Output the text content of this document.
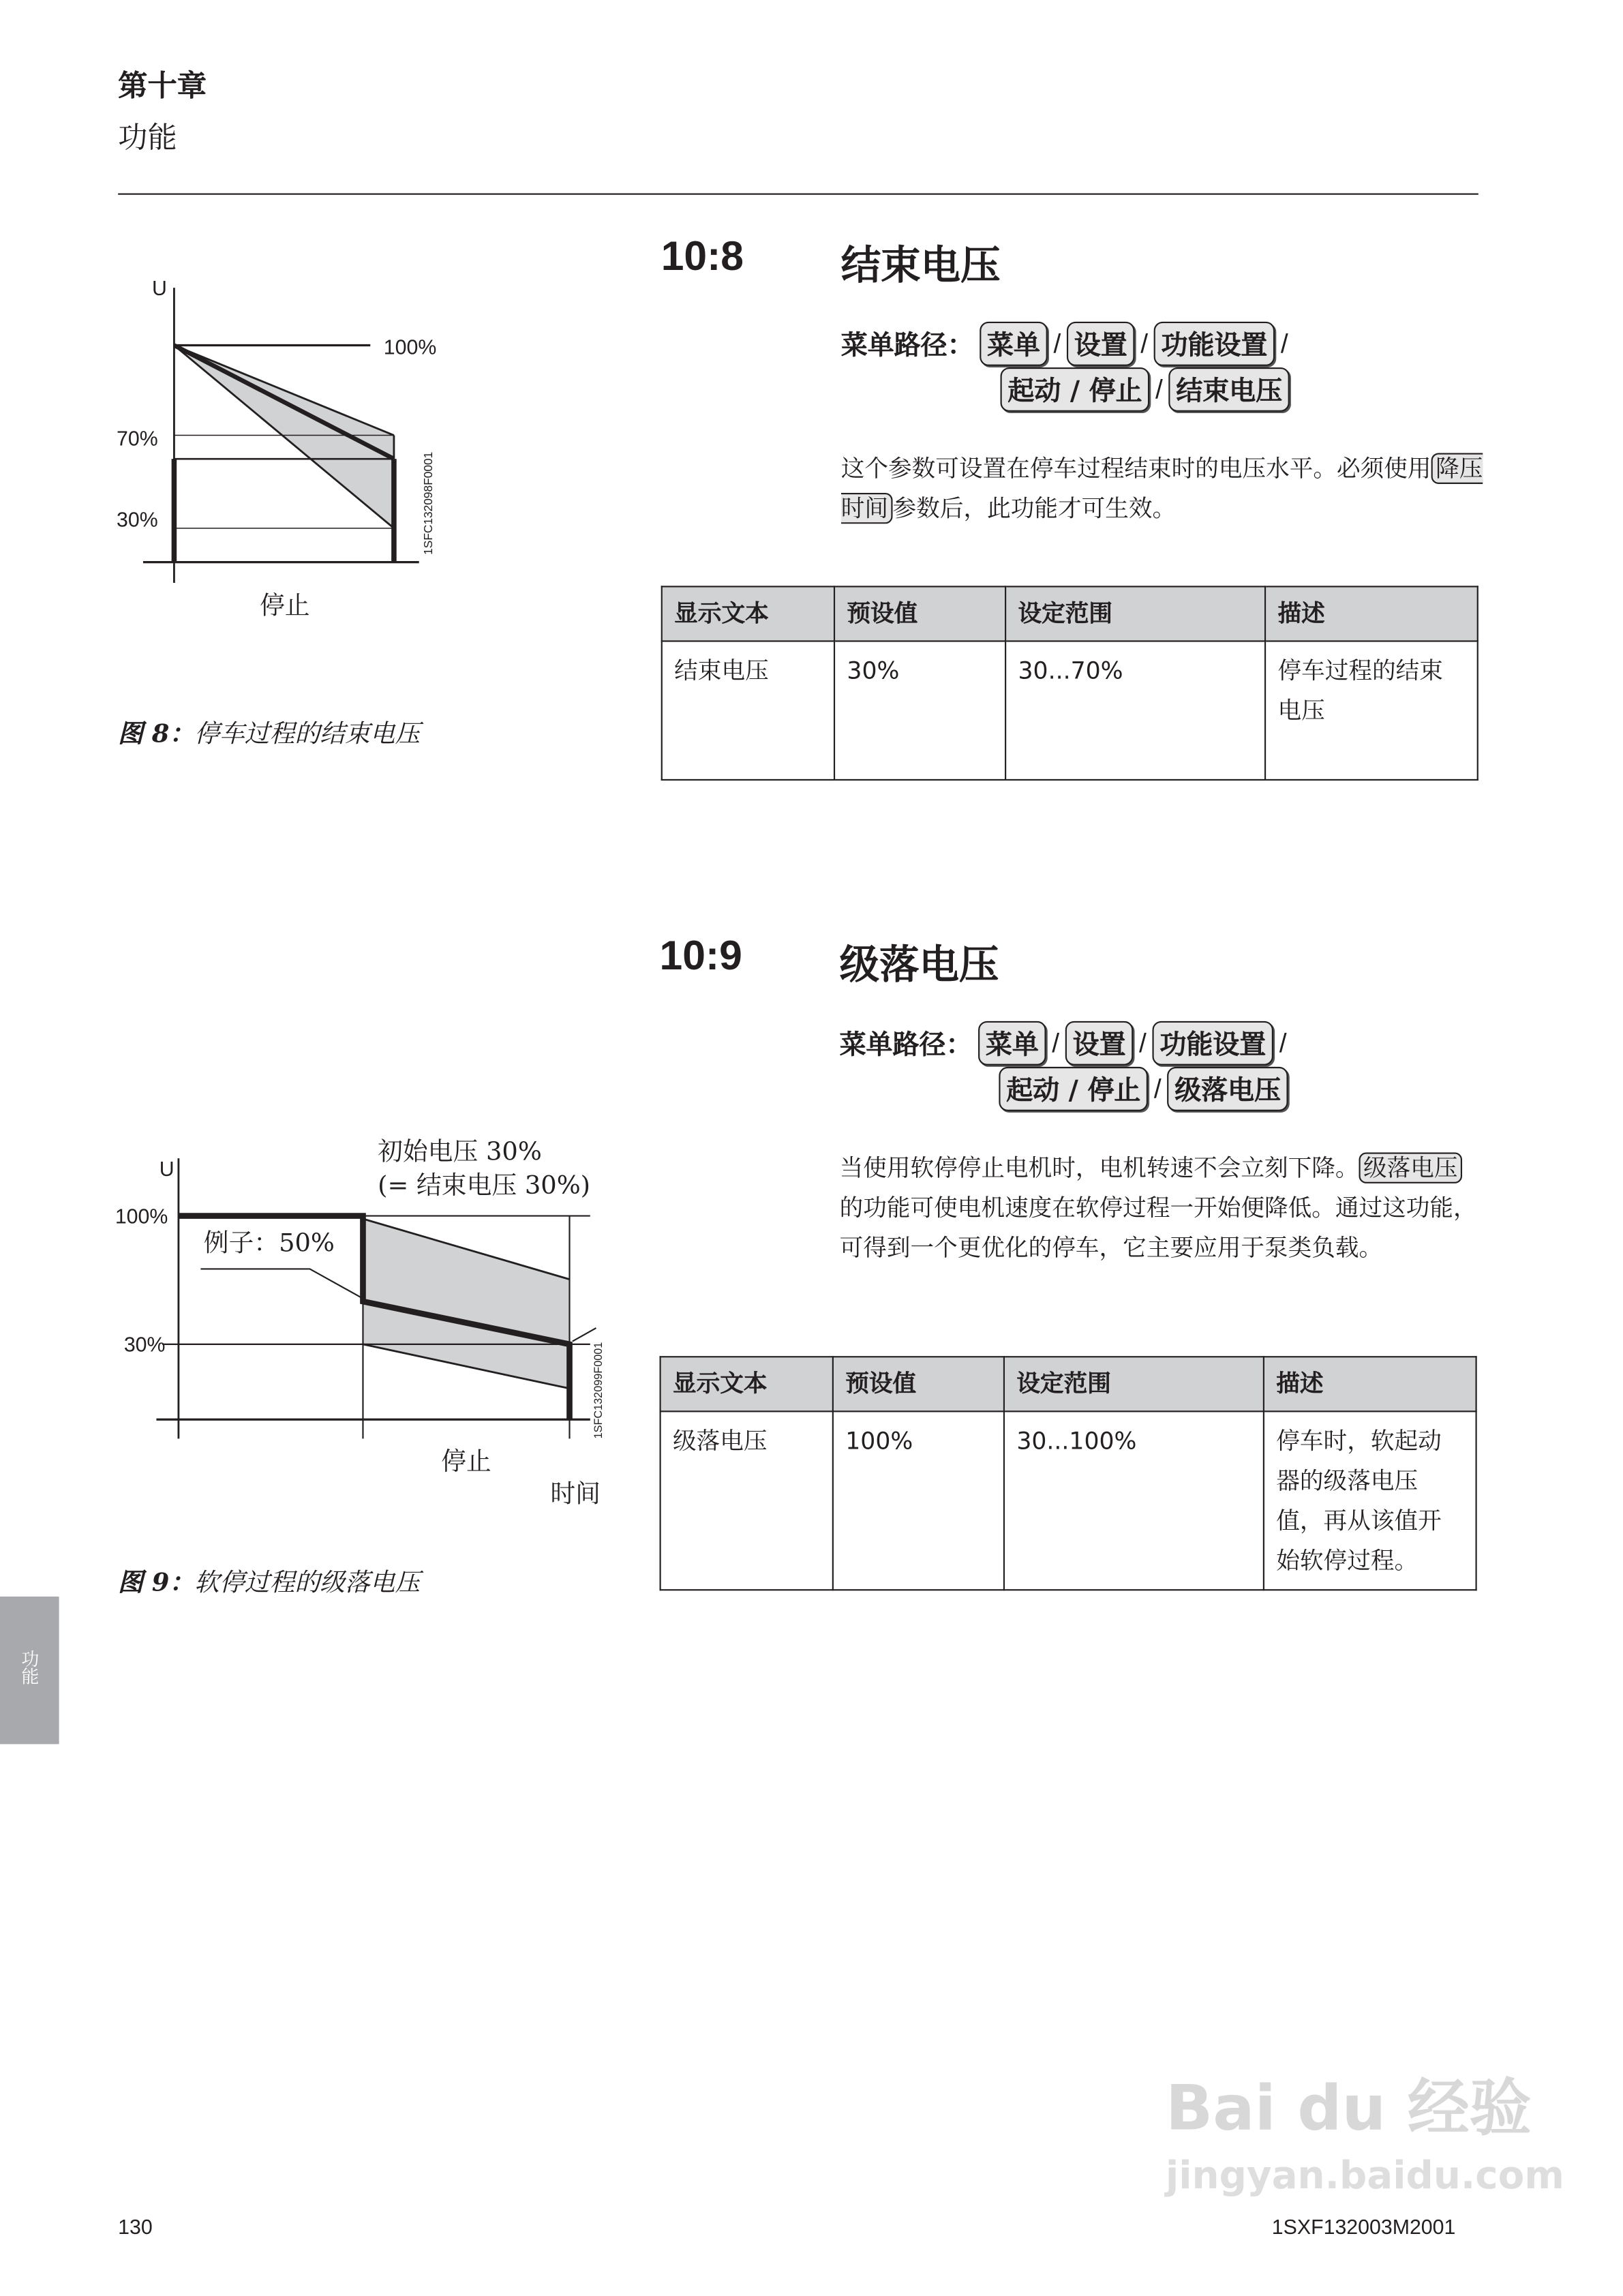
第十章
功能
10:8	结束电压
菜单路径：	菜单	/	设置	/	功能设置	/
起动 / 停止	/	结束电压
这个参数可设置在停车过程结束时的电压水平。必须使用 降压时间 参数后，此功能才可生效。
显示文本	预设值	设定范围	描述
结束电压	30%	30...70%	停车过程的结束电压
U
100%
70%
30%
停止
1SFC132098F0001
图 8：停车过程的结束电压
10:9	级落电压
菜单路径：	菜单	/	设置	/	功能设置	/
起动 / 停止	/	级落电压
当使用软停停止电机时，电机转速不会立刻下降。 级落电压的功能可使电机速度在软停过程一开始便降低。通过这功能，可得到一个更优化的停车，它主要应用于泵类负载。
显示文本	预设值	设定范围	描述
级落电压	100%	30...100%	停车时，软起动器的级落电压值，再从该值开始软停过程。
初始电压 30%
(= 结束电压 30%)
U
100%
30%
例子：50%
停止
时间
1SFC132099F0001
图 9：软停过程的级落电压
功能
Bai du 经验
jingyan.baidu.com
130	1SXF132003M2001
